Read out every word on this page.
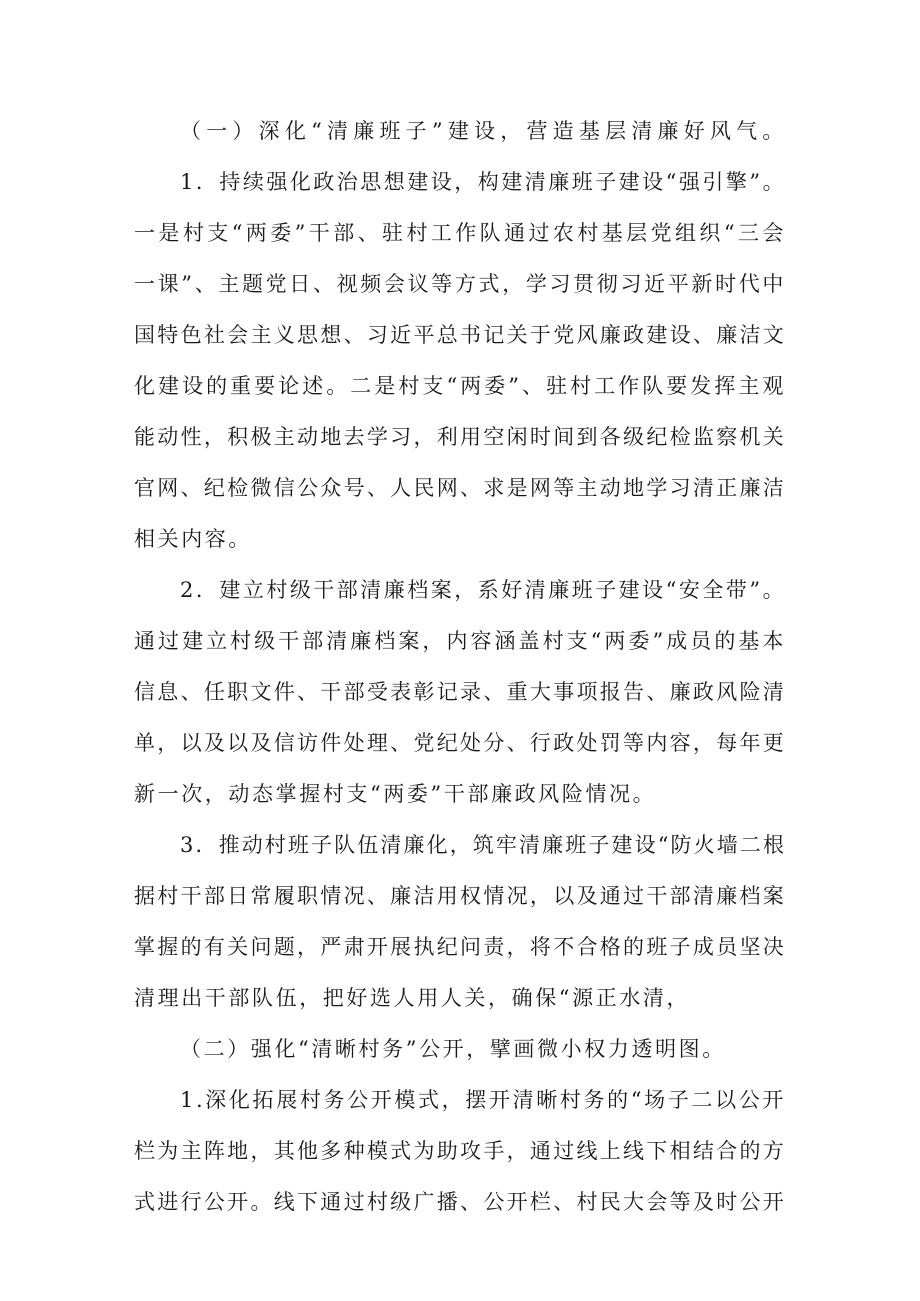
（一）深化“清廉班子”建设，营造基层清廉好风气。
1．持续强化政治思想建设，构建清廉班子建设“强引擎”。
一是村支“两委”干部、驻村工作队通过农村基层党组织“三会
一课”、主题党日、视频会议等方式，学习贯彻习近平新时代中
国特色社会主义思想、习近平总书记关于党风廉政建设、廉洁文
化建设的重要论述。二是村支“两委”、驻村工作队要发挥主观
能动性，积极主动地去学习，利用空闲时间到各级纪检监察机关
官网、纪检微信公众号、人民网、求是网等主动地学习清正廉洁
相关内容。
2．建立村级干部清廉档案，系好清廉班子建设“安全带”。
通过建立村级干部清廉档案，内容涵盖村支“两委”成员的基本
信息、任职文件、干部受表彰记录、重大事项报告、廉政风险清
单，以及以及信访件处理、党纪处分、行政处罚等内容，每年更
新一次，动态掌握村支“两委”干部廉政风险情况。
3．推动村班子队伍清廉化，筑牢清廉班子建设“防火墙二根
据村干部日常履职情况、廉洁用权情况，以及通过干部清廉档案
掌握的有关问题，严肃开展执纪问责，将不合格的班子成员坚决
清理出干部队伍，把好选人用人关，确保“源正水清，
（二）强化“清晰村务”公开，擘画微小权力透明图。
1.深化拓展村务公开模式，摆开清晰村务的“场子二以公开
栏为主阵地，其他多种模式为助攻手，通过线上线下相结合的方
式进行公开。线下通过村级广播、公开栏、村民大会等及时公开
